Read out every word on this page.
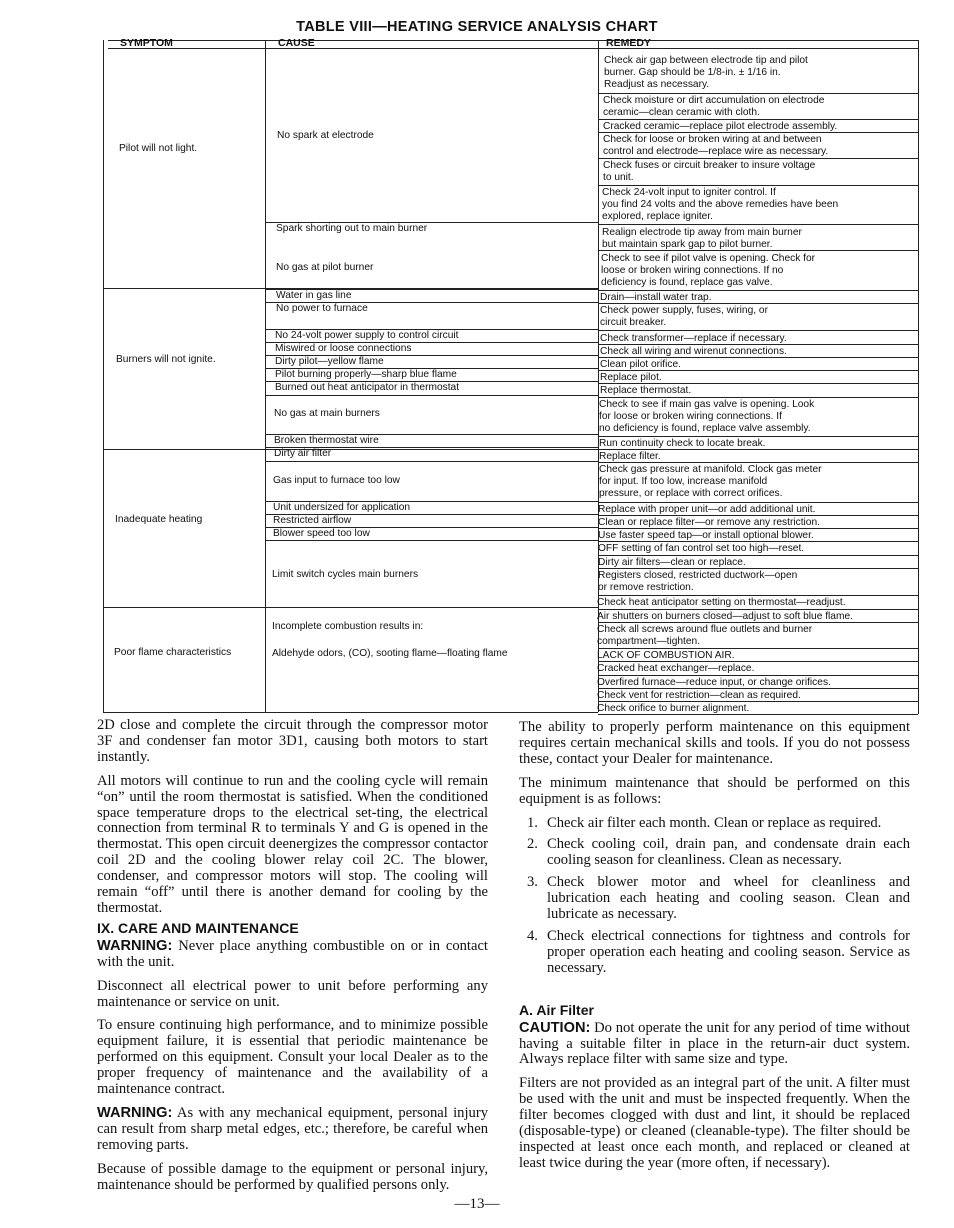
TABLE VIII—HEATING SERVICE ANALYSIS CHART
SYMPTOM	CAUSE	REMEDY
Pilot will not light.
Burners will not ignite.
Inadequate heating
Poor flame characteristics
No spark at electrode
Spark shorting out to main burner
No gas at pilot burner
Water in gas line
No power to furnace
No 24-volt power supply to control circuit
Miswired or loose connections
Dirty pilot—yellow flame
Pilot burning properly—sharp blue flame
Burned out heat anticipator in thermostat
No gas at main burners
Broken thermostat wire
Dirty air filter
Gas input to furnace too low
Unit undersized for application
Restricted airflow
Blower speed too low
Limit switch cycles main burners
Incomplete combustion results in:
Aldehyde odors, (CO), sooting flame—floating flame
Check air gap between electrode tip and pilot
burner. Gap should be 1/8-in. ± 1/16 in.
Readjust as necessary.
Check moisture or dirt accumulation on electrode
ceramic—clean ceramic with cloth.
Cracked ceramic—replace pilot electrode assembly.
Check for loose or broken wiring at and between
control and electrode—replace wire as necessary.
Check fuses or circuit breaker to insure voltage
to unit.
Check 24-volt input to igniter control. If
you find 24 volts and the above remedies have been
explored, replace igniter.
Realign electrode tip away from main burner
but maintain spark gap to pilot burner.
Check to see if pilot valve is opening. Check for
loose or broken wiring connections. If no
deficiency is found, replace gas valve.
Drain—install water trap.
Check power supply, fuses, wiring, or
circuit breaker.
Check transformer—replace if necessary.
Check all wiring and wirenut connections.
Clean pilot orifice.
Replace pilot.
Replace thermostat.
Check to see if main gas valve is opening. Look
for loose or broken wiring connections. If
no deficiency is found, replace valve assembly.
Run continuity check to locate break.
Replace filter.
Check gas pressure at manifold. Clock gas meter
for input. If too low, increase manifold
pressure, or replace with correct orifices.
Replace with proper unit—or add additional unit.
Clean or replace filter—or remove any restriction.
Use faster speed tap—or install optional blower.
OFF setting of fan control set too high—reset.
Dirty air filters—clean or replace.
Registers closed, restricted ductwork—open
or remove restriction.
Check heat anticipator setting on thermostat—readjust.
Air shutters on burners closed—adjust to soft blue flame.
Check all screws around flue outlets and burner
compartment—tighten.
LACK OF COMBUSTION AIR.
Cracked heat exchanger—replace.
Overfired furnace—reduce input, or change orifices.
Check vent for restriction—clean as required.
Check orifice to burner alignment.

2D close and complete the circuit through the compressor motor 3F and condenser fan motor 3D1, causing both motors to start instantly.

All motors will continue to run and the cooling cycle will remain “on” until the room thermostat is satisfied. When the conditioned space temperature drops to the electrical set-ting, the electrical connection from terminal R to terminals Y and G is opened in the thermostat. This open circuit deenergizes the compressor contactor coil 2D and the cooling blower relay coil 2C. The blower, condenser, and compressor motors will stop. The cooling will remain “off” until there is another demand for cooling by the thermostat.

IX. CARE AND MAINTENANCE

WARNING: Never place anything combustible on or in contact with the unit.

Disconnect all electrical power to unit before performing any maintenance or service on unit.

To ensure continuing high performance, and to minimize possible equipment failure, it is essential that periodic maintenance be performed on this equipment. Consult your local Dealer as to the proper frequency of maintenance and the availability of a maintenance contract.

WARNING: As with any mechanical equipment, personal injury can result from sharp metal edges, etc.; therefore, be careful when removing parts.

Because of possible damage to the equipment or personal injury, maintenance should be performed by qualified persons only.

The ability to properly perform maintenance on this equipment requires certain mechanical skills and tools. If you do not possess these, contact your Dealer for maintenance.

The minimum maintenance that should be performed on this equipment is as follows:

1. Check air filter each month. Clean or replace as required.
2. Check cooling coil, drain pan, and condensate drain each cooling season for cleanliness. Clean as necessary.
3. Check blower motor and wheel for cleanliness and lubrication each heating and cooling season. Clean and lubricate as necessary.
4. Check electrical connections for tightness and controls for proper operation each heating and cooling season. Service as necessary.
A. Air Filter

CAUTION: Do not operate the unit for any period of time without having a suitable filter in place in the return-air duct system. Always replace filter with same size and type.

Filters are not provided as an integral part of the unit. A filter must be used with the unit and must be inspected frequently. When the filter becomes clogged with dust and lint, it should be replaced (disposable-type) or cleaned (cleanable-type). The filter should be inspected at least once each month, and replaced or cleaned at least twice during the year (more often, if necessary).

—13—
